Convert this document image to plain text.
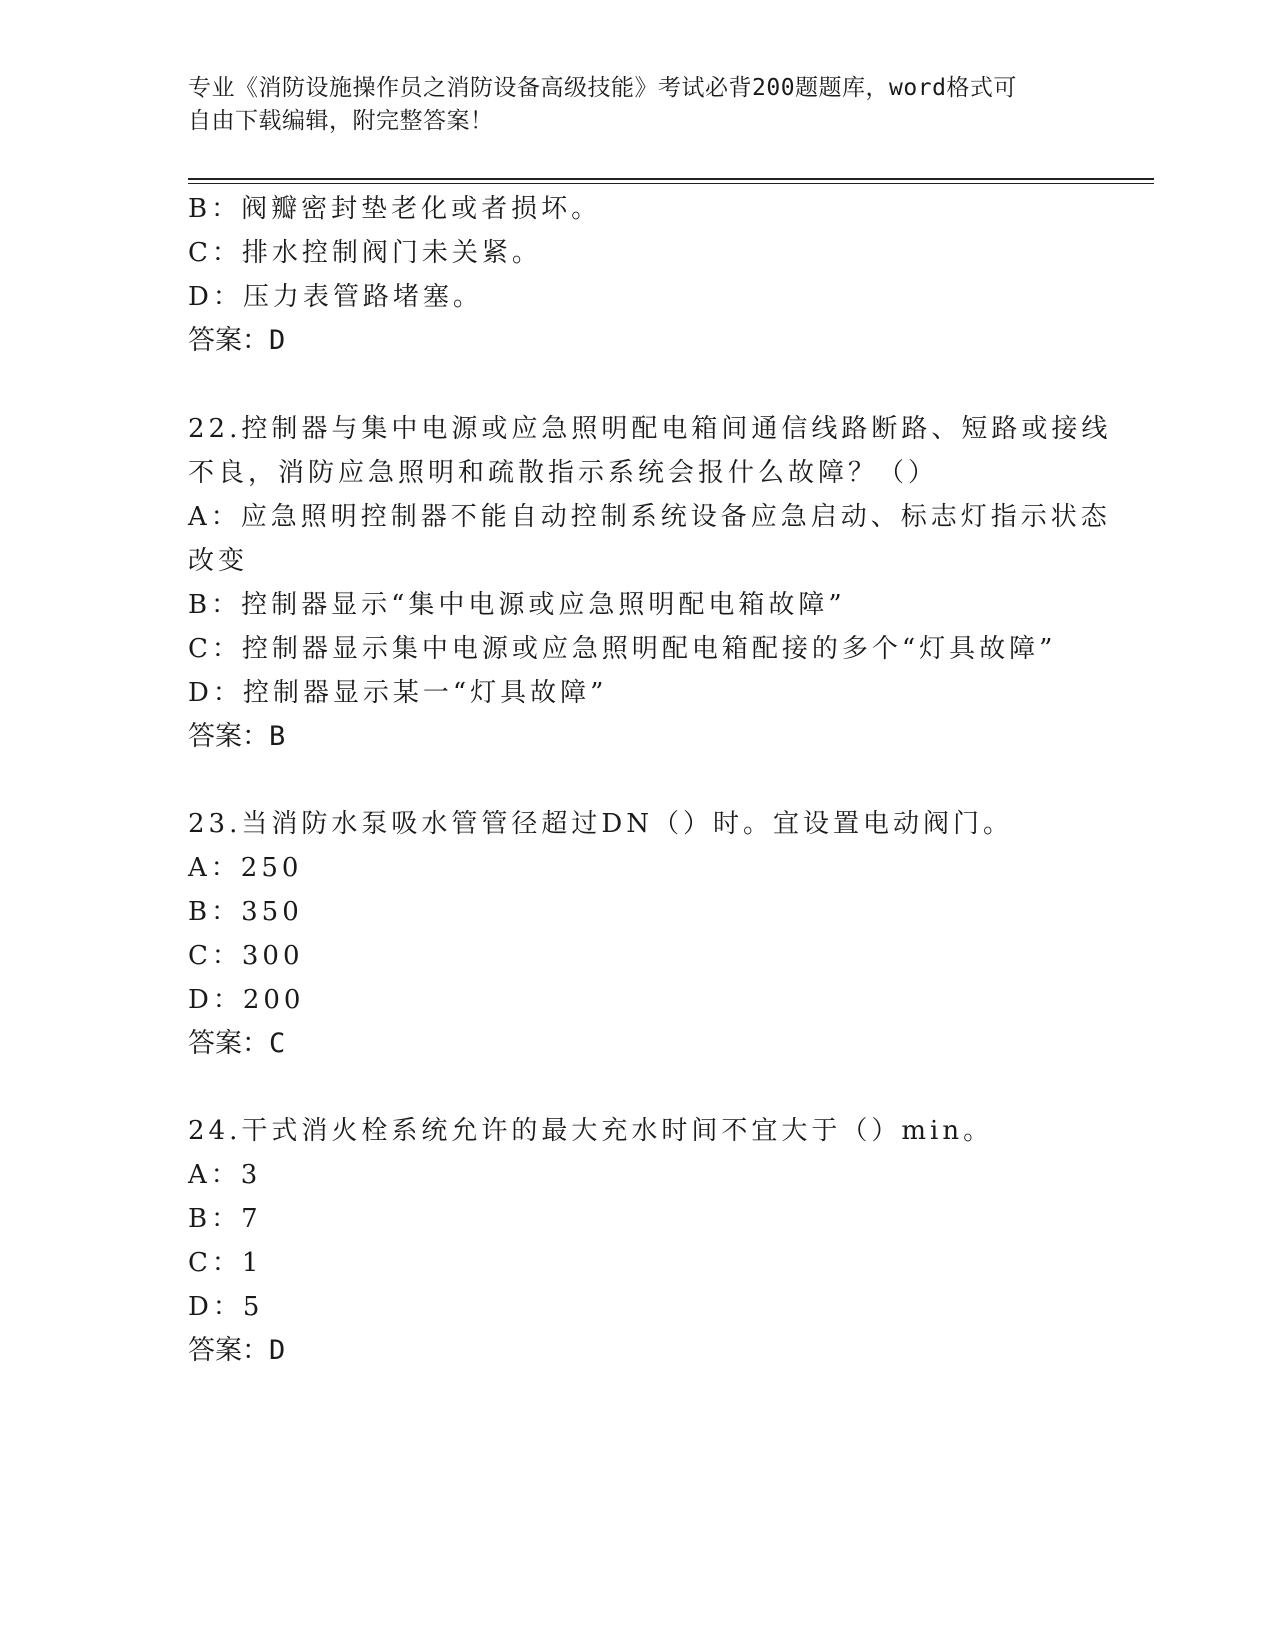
专业《消防设施操作员之消防设备高级技能》考试必背200题题库，word格式可
自由下载编辑，附完整答案！
B：阀瓣密封垫老化或者损坏。
C：排水控制阀门未关紧。
D：压力表管路堵塞。
答案：D
22.控制器与集中电源或应急照明配电箱间通信线路断路、短路或接线
不良，消防应急照明和疏散指示系统会报什么故障？（）
A：应急照明控制器不能自动控制系统设备应急启动、标志灯指示状态
改变
B：控制器显示“集中电源或应急照明配电箱故障”
C：控制器显示集中电源或应急照明配电箱配接的多个“灯具故障”
D：控制器显示某一“灯具故障”
答案：B
23.当消防水泵吸水管管径超过DN（）时。宜设置电动阀门。
A：250
B：350
C：300
D：200
答案：C
24.干式消火栓系统允许的最大充水时间不宜大于（）min。
A：3
B：7
C：1
D：5
答案：D
